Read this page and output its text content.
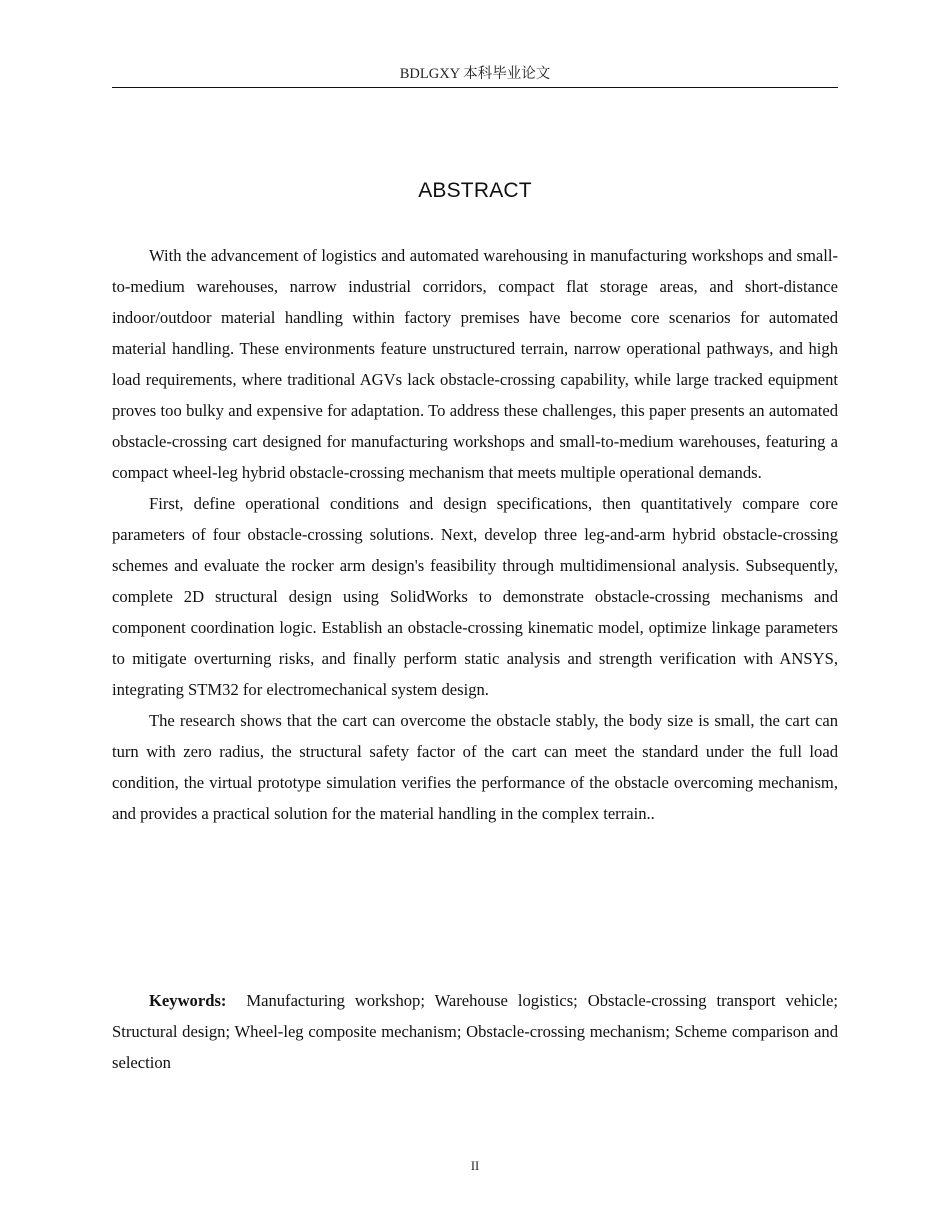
BDLGXY 本科毕业论文
ABSTRACT

With the advancement of logistics and automated warehousing in manufacturing workshops and small-to-medium warehouses, narrow industrial corridors, compact flat storage areas, and short-distance indoor/outdoor material handling within factory premises have become core scenarios for automated material handling. These environments feature unstructured terrain, narrow operational pathways, and high load requirements, where traditional AGVs lack obstacle-crossing capability, while large tracked equipment proves too bulky and expensive for adaptation. To address these challenges, this paper presents an automated obstacle-crossing cart designed for manufacturing workshops and small-to-medium warehouses, featuring a compact wheel-leg hybrid obstacle-crossing mechanism that meets multiple operational demands.

First, define operational conditions and design specifications, then quantitatively compare core parameters of four obstacle-crossing solutions. Next, develop three leg-and-arm hybrid obstacle-crossing schemes and evaluate the rocker arm design's feasibility through multidimensional analysis. Subsequently, complete 2D structural design using SolidWorks to demonstrate obstacle-crossing mechanisms and component coordination logic. Establish an obstacle-crossing kinematic model, optimize linkage parameters to mitigate overturning risks, and finally perform static analysis and strength verification with ANSYS, integrating STM32 for electromechanical system design.

The research shows that the cart can overcome the obstacle stably, the body size is small, the cart can turn with zero radius, the structural safety factor of the cart can meet the standard under the full load condition, the virtual prototype simulation verifies the performance of the obstacle overcoming mechanism, and provides a practical solution for the material handling in the complex terrain..

Keywords: Manufacturing workshop; Warehouse logistics; Obstacle-crossing transport vehicle; Structural design; Wheel-leg composite mechanism; Obstacle-crossing mechanism; Scheme comparison and selection

II
